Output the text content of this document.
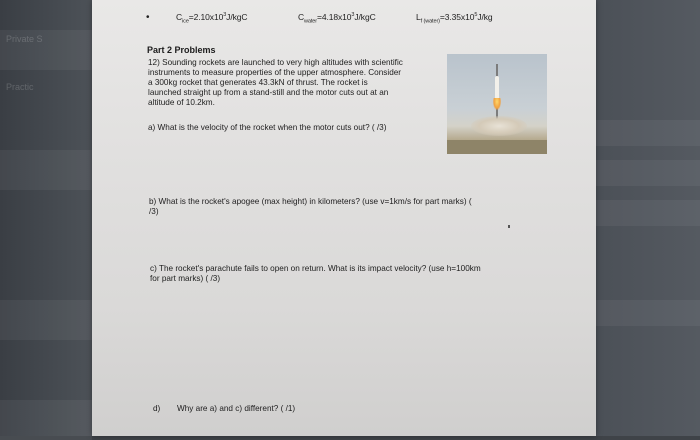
Private S
Practic
•	$C_{ice}=2.10x10^3J$/kgC	$C_{water}=4.18x10^3J$/kgC	$L_{f (water)}=3.35x10^5J/kg$
Part 2 Problems
12) Sounding rockets are launched to very high altitudes with scientific
instruments to measure properties of the upper atmosphere. Consider
a 300kg rocket that generates 43.3kN of thrust. The rocket is
launched straight up from a stand-still and the motor cuts out at an
altitude of 10.2km.
a) What is the velocity of the rocket when the motor cuts out? ( /3)
b) What is the rocket's apogee (max height) in kilometers? (use v=1km/s for part marks) (
/3)
c) The rocket's parachute fails to open on return. What is its impact velocity? (use h=100km
for part marks) ( /3)
d) Why are a) and c) different? ( /1)
